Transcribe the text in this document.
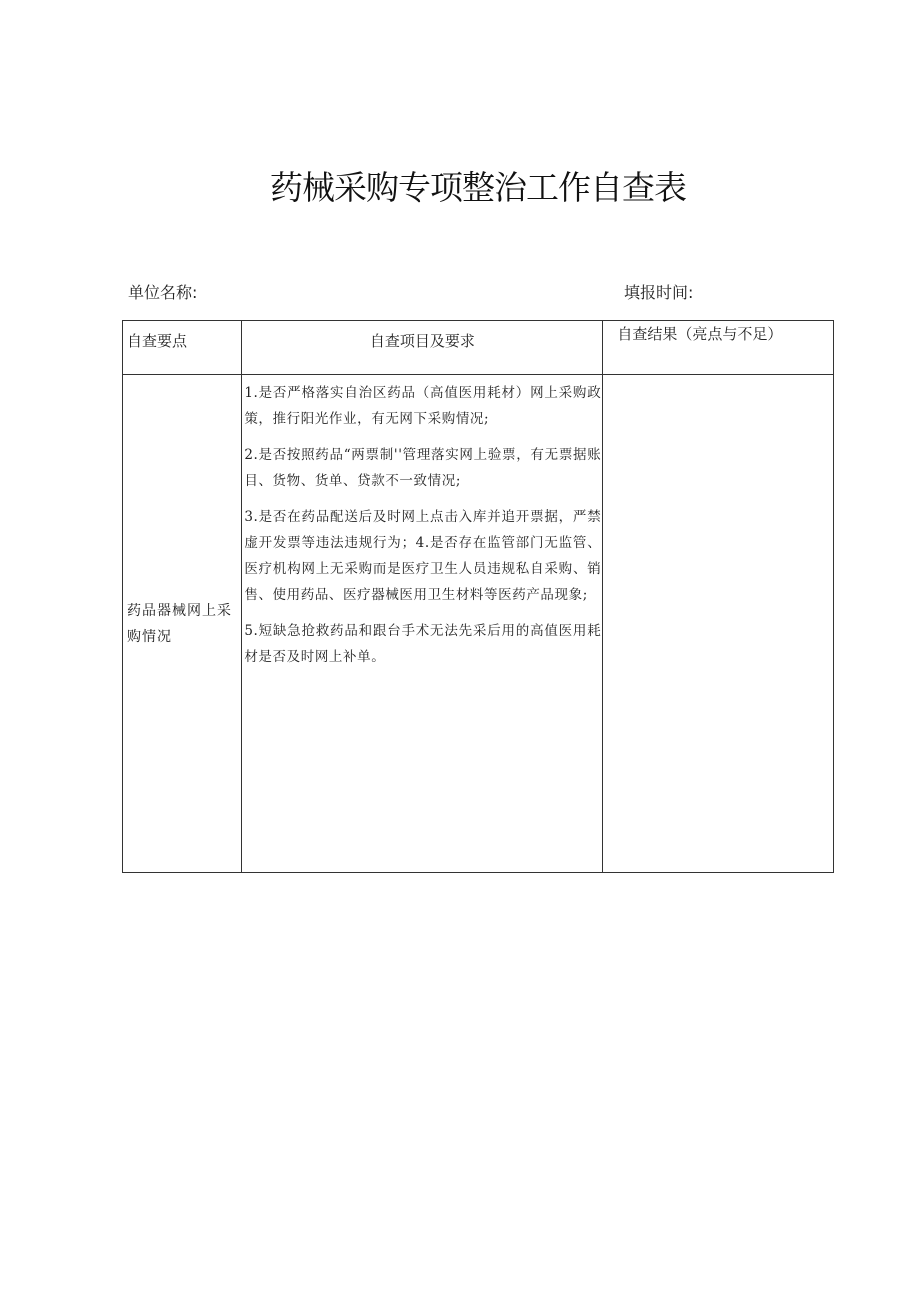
药械采购专项整治工作自查表
单位名称:	填报时间:
自查要点	自查项目及要求	自查结果（亮点与不足）
药品器械网上采购情况	1.是否严格落实自治区药品（高值医用耗材）网上采购政策，推行阳光作业，有无网下采购情况;

2.是否按照药品“两票制''管理落实网上验票，有无票据账目、货物、货单、贷款不一致情况;

3.是否在药品配送后及时网上点击入库并追开票据，严禁虚开发票等违法违规行为；4.是否存在监管部门无监管、医疗机构网上无采购而是医疗卫生人员违规私自采购、销售、使用药品、医疗器械医用卫生材料等医药产品现象;

5.短缺急抢救药品和跟台手术无法先采后用的高值医用耗材是否及时网上补单。	
